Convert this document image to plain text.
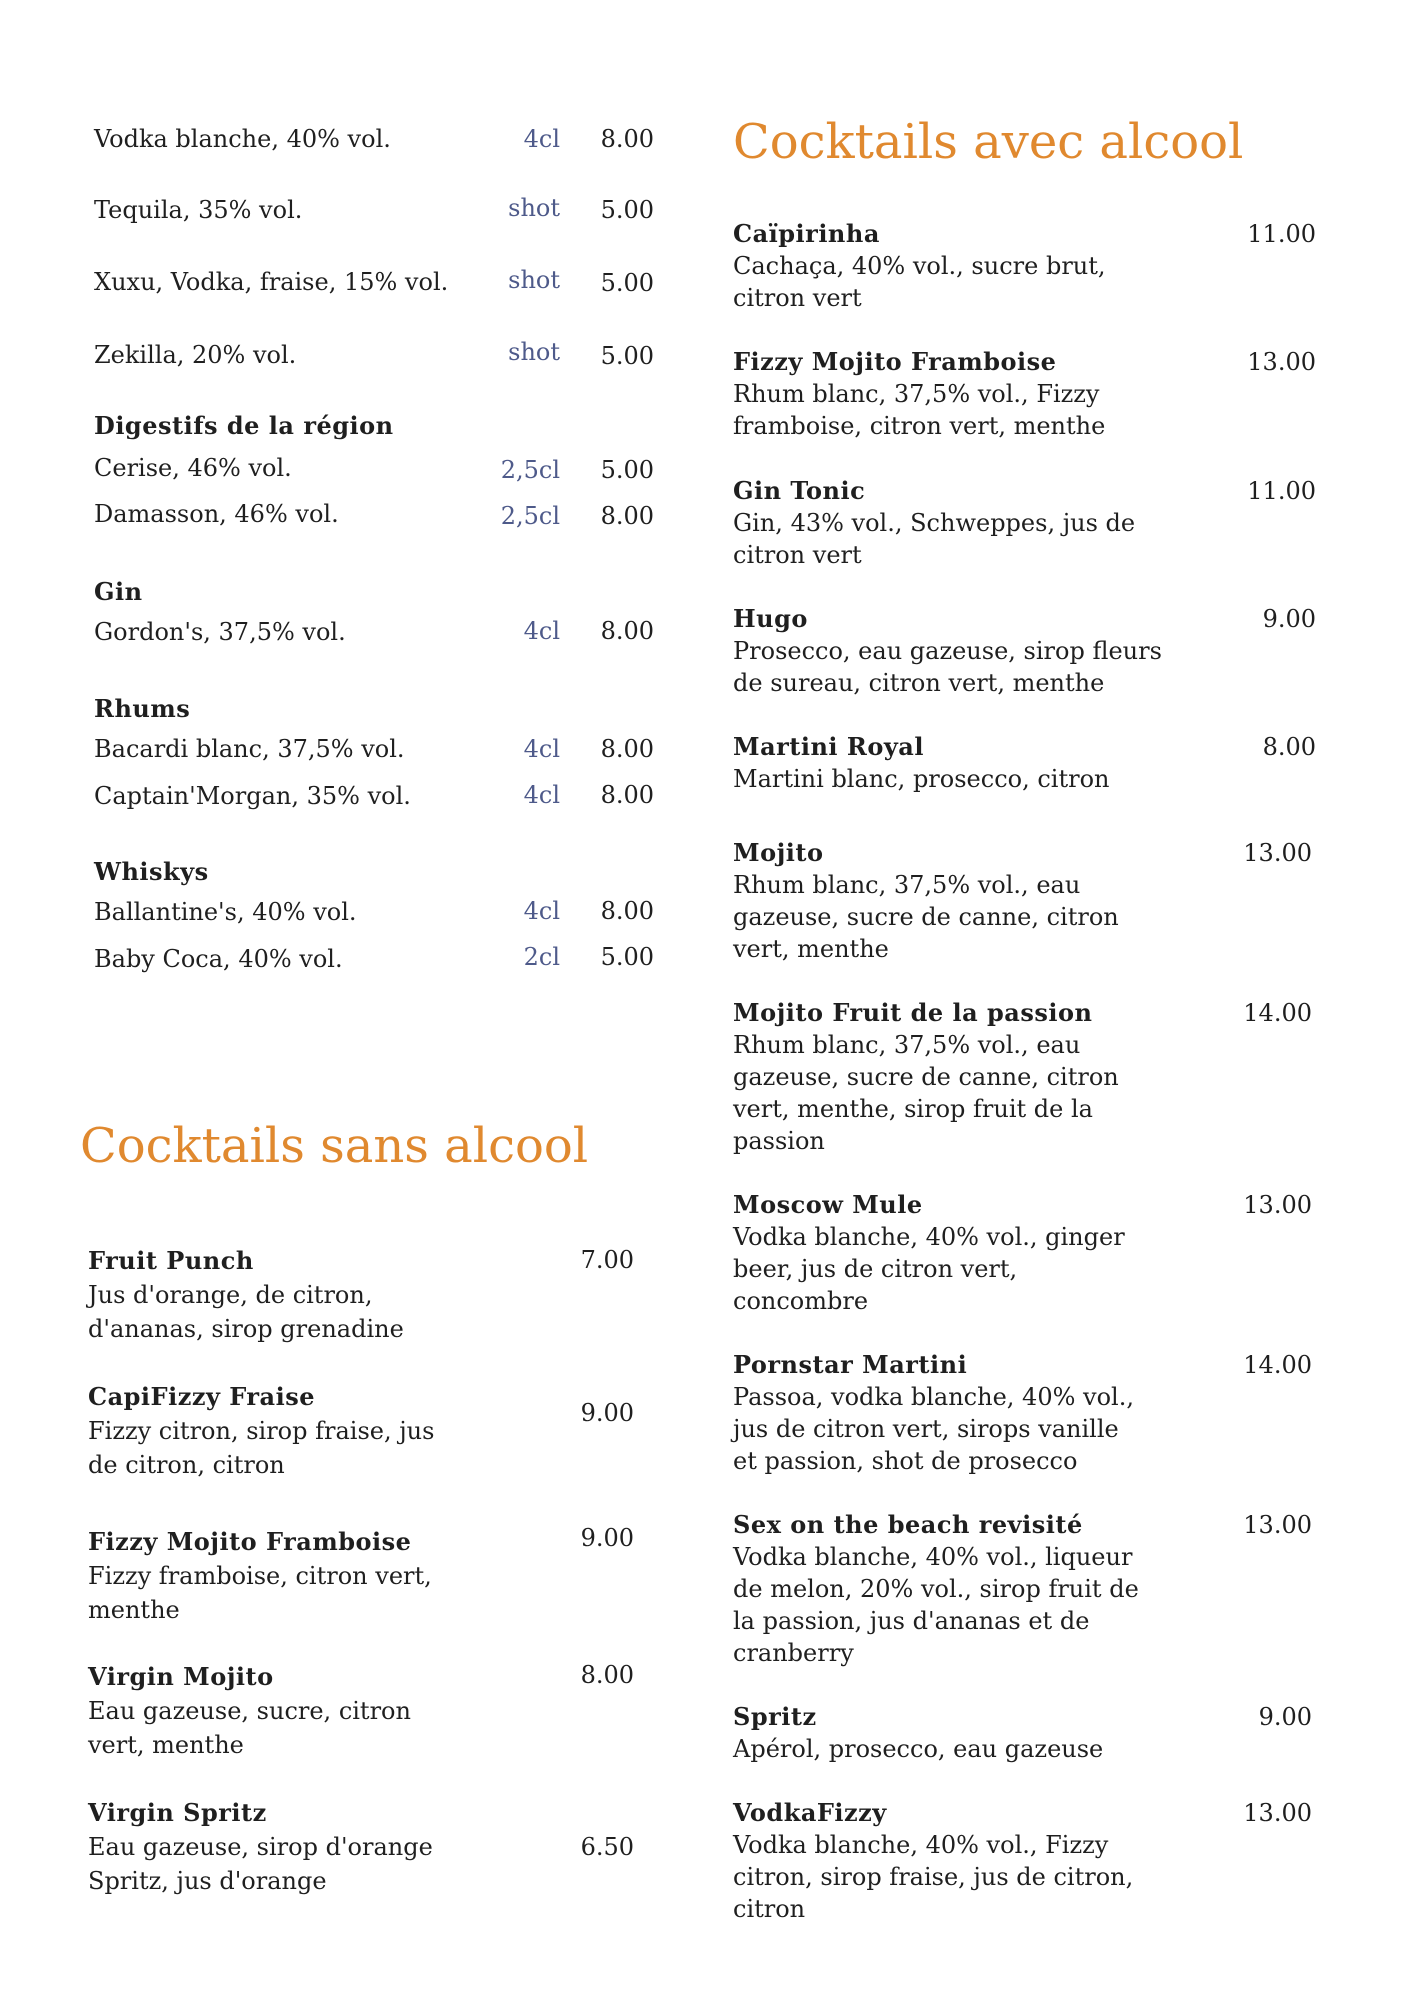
Vodka blanche, 40% vol.	4cl 8.00
Tequila, 35% vol.	shot 5.00
Xuxu, Vodka, fraise, 15% vol. shot 5.00
Zekilla, 20% vol.	shot 5.00
Digestifs de la région
Cerise, 46% vol.	2,5cl 5.00
Damasson, 46% vol.	2,5cl 8.00
Gin
Gordon's, 37,5% vol.	4cl 8.00
Rhums
Bacardi blanc, 37,5% vol.	4cl 8.00
Captain'Morgan, 35% vol.	4cl 8.00
Whiskys
Ballantine's, 40% vol.	4cl 8.00
Baby Coca, 40% vol.	2cl 5.00
Cocktails sans alcool
Fruit Punch
Jus d'orange, de citron,
d'ananas, sirop grenadine
7.00
CapiFizzy Fraise
Fizzy citron, sirop fraise, jus
de citron, citron
9.00
Fizzy Mojito Framboise
Fizzy framboise, citron vert,
menthe
9.00
Virgin Mojito
Eau gazeuse, sucre, citron
vert, menthe
8.00
Virgin Spritz
Eau gazeuse, sirop d'orange
Spritz, jus d'orange
6.50
Cocktails avec alcool
Caïpirinha
Cachaça, 40% vol., sucre brut,
citron vert
11.00
Fizzy Mojito Framboise
Rhum blanc, 37,5% vol., Fizzy
framboise, citron vert, menthe
13.00
Gin Tonic
Gin, 43% vol., Schweppes, jus de
citron vert
11.00
Hugo
Prosecco, eau gazeuse, sirop fleurs
de sureau, citron vert, menthe
9.00
Martini Royal
Martini blanc, prosecco, citron
8.00
Mojito
Rhum blanc, 37,5% vol., eau
gazeuse, sucre de canne, citron
vert, menthe
13.00
Mojito Fruit de la passion
Rhum blanc, 37,5% vol., eau
gazeuse, sucre de canne, citron
vert, menthe, sirop fruit de la
passion
14.00
Moscow Mule
Vodka blanche, 40% vol., ginger
beer, jus de citron vert,
concombre
13.00
Pornstar Martini
Passoa, vodka blanche, 40% vol.,
jus de citron vert, sirops vanille
et passion, shot de prosecco
14.00
Sex on the beach revisité
Vodka blanche, 40% vol., liqueur
de melon, 20% vol., sirop fruit de
la passion, jus d'ananas et de
cranberry
13.00
Spritz
Apérol, prosecco, eau gazeuse
9.00
VodkaFizzy
Vodka blanche, 40% vol., Fizzy
citron, sirop fraise, jus de citron,
citron
13.00
